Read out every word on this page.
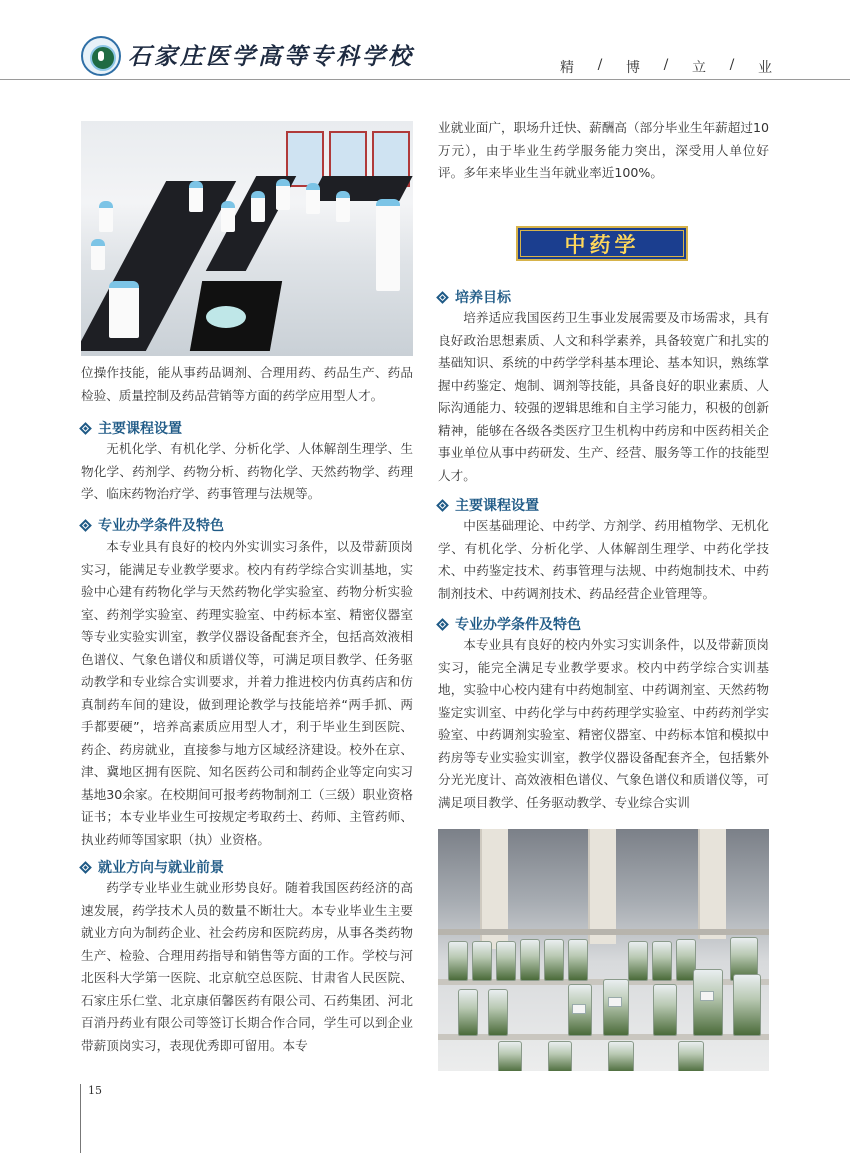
石家庄医学高等专科学校	精 / 博 / 立 / 业

位操作技能，能从事药品调剂、合理用药、药品生产、药品检验、质量控制及药品营销等方面的药学应用型人才。

主要课程设置

无机化学、有机化学、分析化学、人体解剖生理学、生物化学、药剂学、药物分析、药物化学、天然药物学、药理学、临床药物治疗学、药事管理与法规等。

专业办学条件及特色

本专业具有良好的校内外实训实习条件，以及带薪顶岗实习，能满足专业教学要求。校内有药学综合实训基地，实验中心建有药物化学与天然药物化学实验室、药物分析实验室、药剂学实验室、药理实验室、中药标本室、精密仪器室等专业实验实训室，教学仪器设备配套齐全，包括高效液相色谱仪、气象色谱仪和质谱仪等，可满足项目教学、任务驱动教学和专业综合实训要求，并着力推进校内仿真药店和仿真制药车间的建设，做到理论教学与技能培养“两手抓、两手都要硬”，培养高素质应用型人才，利于毕业生到医院、药企、药房就业，直接参与地方区域经济建设。校外在京、津、冀地区拥有医院、知名医药公司和制药企业等定向实习基地30余家。在校期间可报考药物制剂工（三级）职业资格证书；本专业毕业生可按规定考取药士、药师、主管药师、执业药师等国家职（执）业资格。

就业方向与就业前景

药学专业毕业生就业形势良好。随着我国医药经济的高速发展，药学技术人员的数量不断壮大。本专业毕业生主要就业方向为制药企业、社会药房和医院药房，从事各类药物生产、检验、合理用药指导和销售等方面的工作。学校与河北医科大学第一医院、北京航空总医院、甘肃省人民医院、石家庄乐仁堂、北京康佰馨医药有限公司、石药集团、河北百消丹药业有限公司等签订长期合作合同，学生可以到企业带薪顶岗实习，表现优秀即可留用。本专

业就业面广，职场升迁快、薪酬高（部分毕业生年薪超过10万元），由于毕业生药学服务能力突出，深受用人单位好评。多年来毕业生当年就业率近100%。

中药学
培养目标

培养适应我国医药卫生事业发展需要及市场需求，具有良好政治思想素质、人文和科学素养，具备较宽广和扎实的基础知识、系统的中药学学科基本理论、基本知识，熟练掌握中药鉴定、炮制、调剂等技能，具备良好的职业素质、人际沟通能力、较强的逻辑思维和自主学习能力，积极的创新精神，能够在各级各类医疗卫生机构中药房和中医药相关企事业单位从事中药研发、生产、经营、服务等工作的技能型人才。

主要课程设置

中医基础理论、中药学、方剂学、药用植物学、无机化学、有机化学、分析化学、人体解剖生理学、中药化学技术、中药鉴定技术、药事管理与法规、中药炮制技术、中药制剂技术、中药调剂技术、药品经营企业管理等。

专业办学条件及特色

本专业具有良好的校内外实习实训条件，以及带薪顶岗实习，能完全满足专业教学要求。校内中药学综合实训基地，实验中心校内建有中药炮制室、中药调剂室、天然药物鉴定实训室、中药化学与中药药理学实验室、中药药剂学实验室、中药调剂实验室、精密仪器室、中药标本馆和模拟中药房等专业实验实训室，教学仪器设备配套齐全，包括紫外分光光度计、高效液相色谱仪、气象色谱仪和质谱仪等，可满足项目教学、任务驱动教学、专业综合实训

15
